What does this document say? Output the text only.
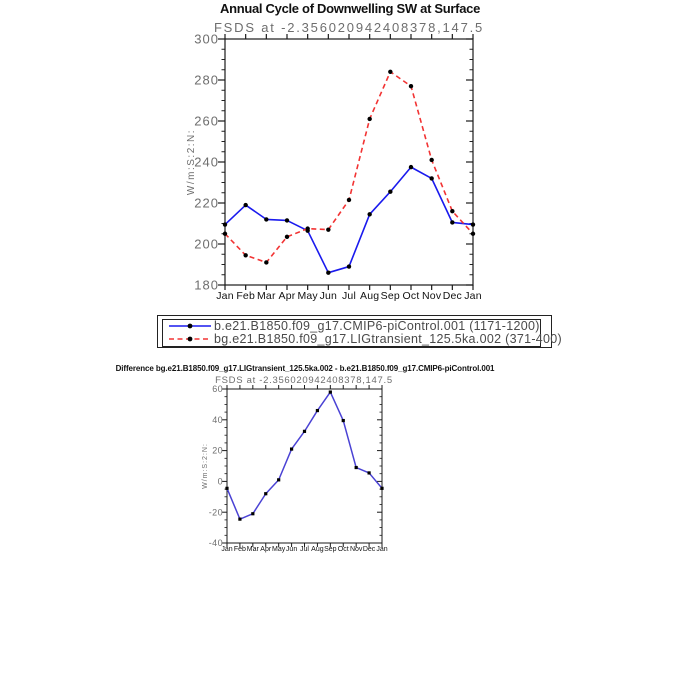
Annual Cycle of Downwelling SW at Surface
FSDS at -2.356020942408378,147.5
Jan Feb Mar Apr May Jun Jul Aug Sep Oct Nov Dec Jan
180
200
220
240
260
280
300
W/m:S:2:N:
Jan Feb Mar Apr May Jun Jul Aug Sep Oct Nov Dec Jan
-40
-20
0
20
40
60
W/m:S:2:N:
b.e21.B1850.f09_g17.CMIP6-piControl.001 (1171-1200)
bg.e21.B1850.f09_g17.LIGtransient_125.5ka.002 (371-400)
Difference bg.e21.B1850.f09_g17.LIGtransient_125.5ka.002 - b.e21.B1850.f09_g17.CMIP6-piControl.001
FSDS at -2.356020942408378,147.5
